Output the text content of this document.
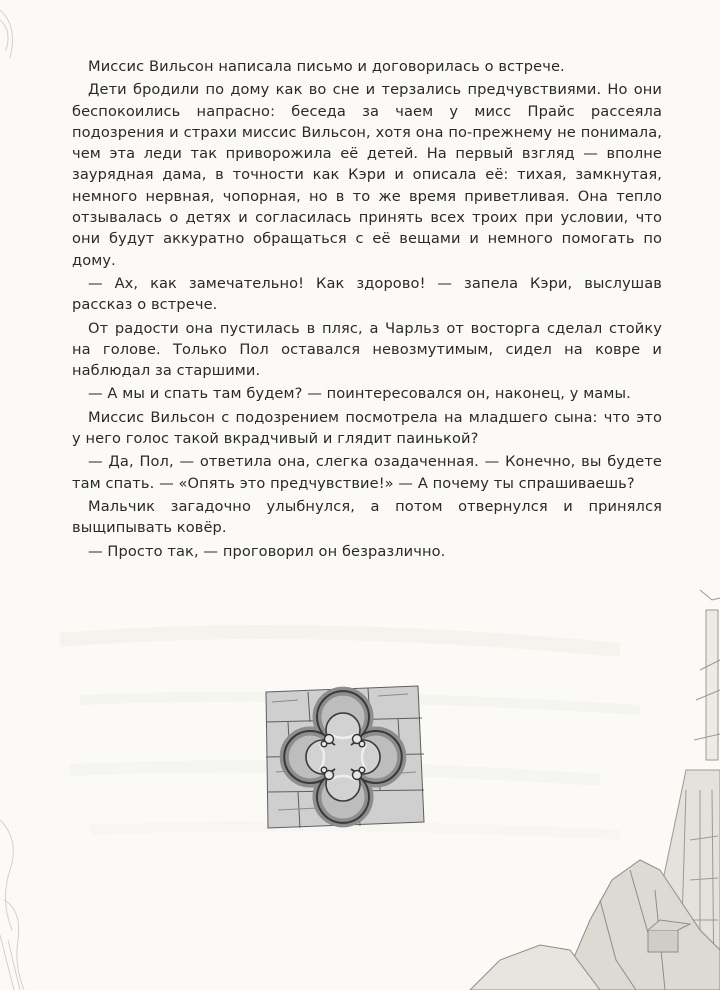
Миссис Вильсон написала письмо и договорилась о встрече.

Дети бродили по дому как во сне и терзались предчувствиями. Но они беспокоились напрасно: беседа за чаем у мисс Прайс рассеяла подозрения и страхи миссис Вильсон, хотя она по-прежнему не понимала, чем эта леди так приворожила её детей. На первый взгляд — вполне заурядная дама, в точности как Кэри и описала её: тихая, замкнутая, немного нервная, чопорная, но в то же время приветливая. Она тепло отзывалась о детях и согласилась принять всех троих при условии, что они будут аккуратно обращаться с её вещами и немного помогать по дому.

— Ах, как замечательно! Как здорово! — запела Кэри, выслушав рассказ о встрече.

От радости она пустилась в пляс, а Чарльз от восторга сделал стойку на голове. Только Пол оставался невозмутимым, сидел на ковре и наблюдал за старшими.

— А мы и спать там будем? — поинтересовался он, наконец, у мамы.

Миссис Вильсон с подозрением посмотрела на младшего сына: что это у него голос такой вкрадчивый и глядит паинькой?

— Да, Пол, — ответила она, слегка озадаченная. — Конечно, вы будете там спать. — «Опять это предчувствие!» — А почему ты спрашиваешь?

Мальчик загадочно улыбнулся, а потом отвернулся и принялся выщипывать ковёр.

— Просто так, — проговорил он безразлично.
